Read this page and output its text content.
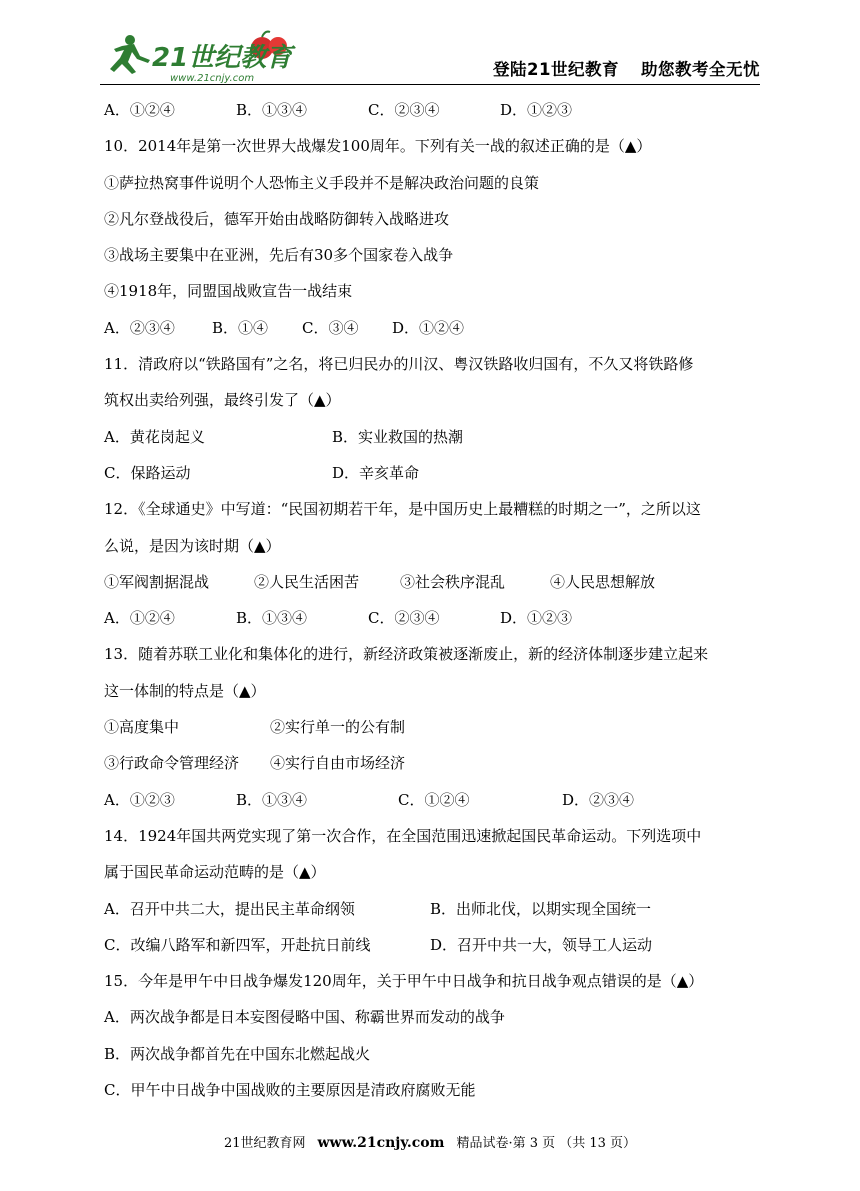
21世纪教育
www.21cnjy.com	登陆21世纪教育 助您教考全无忧
A．①②④	B．①③④	C．②③④	D．①②③
10．2014年是第一次世界大战爆发100周年。下列有关一战的叙述正确的是（▲）
①萨拉热窝事件说明个人恐怖主义手段并不是解决政治问题的良策
②凡尔登战役后，德军开始由战略防御转入战略进攻
③战场主要集中在亚洲，先后有30多个国家卷入战争
④1918年，同盟国战败宣告一战结束
A．②③④ B．①④ C．③④ D．①②④
11．清政府以“铁路国有”之名，将已归民办的川汉、粤汉铁路收归国有，不久又将铁路修
筑权出卖给列强，最终引发了（▲）
A．黄花岗起义	B．实业救国的热潮
C．保路运动	D．辛亥革命
12．《全球通史》中写道：“民国初期若干年，是中国历史上最糟糕的时期之一”，之所以这
么说，是因为该时期（▲）
①军阀割据混战	②人民生活困苦	③社会秩序混乱	④人民思想解放
A．①②④	B．①③④	C．②③④	D．①②③
13．随着苏联工业化和集体化的进行，新经济政策被逐渐废止，新的经济体制逐步建立起来
这一体制的特点是（▲）
①高度集中	②实行单一的公有制
③行政命令管理经济 ④实行自由市场经济
A．①②③	B．①③④	C．①②④	D．②③④
14．1924年国共两党实现了第一次合作，在全国范围迅速掀起国民革命运动。下列选项中
属于国民革命运动范畴的是（▲）
A．召开中共二大，提出民主革命纲领	B．出师北伐，以期实现全国统一
C．改编八路军和新四军，开赴抗日前线	D．召开中共一大，领导工人运动
15．今年是甲午中日战争爆发120周年，关于甲午中日战争和抗日战争观点错误的是（▲）
A．两次战争都是日本妄图侵略中国、称霸世界而发动的战争
B．两次战争都首先在中国东北燃起战火
C．甲午中日战争中国战败的主要原因是清政府腐败无能
21世纪教育网 www.21cnjy.com 精品试卷·第 3 页 （共 13 页）
